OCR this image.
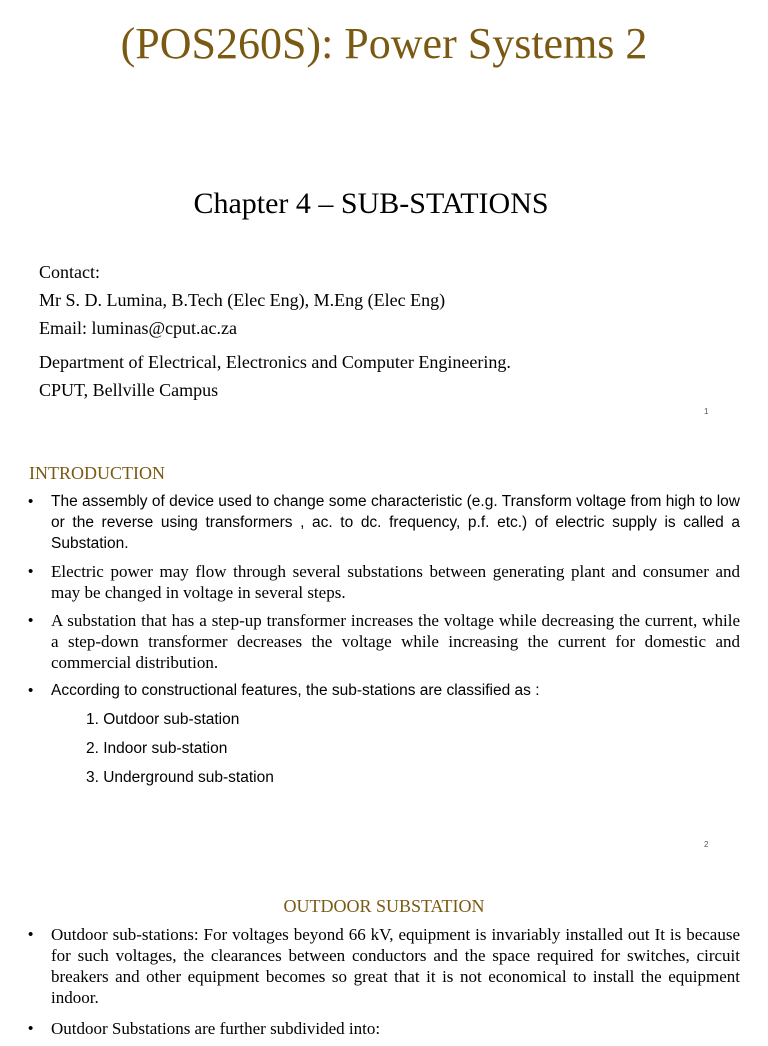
(POS260S): Power Systems 2
Chapter 4 – SUB-STATIONS
Contact:
Mr S. D. Lumina, B.Tech (Elec Eng), M.Eng (Elec Eng)
Email: luminas@cput.ac.za
Department of Electrical, Electronics and Computer Engineering.
CPUT, Bellville Campus
1
INTRODUCTION
• The assembly of device used to change some characteristic (e.g. Transform voltage from high to low or the reverse using transformers , ac. to dc. frequency, p.f. etc.) of electric supply is called a Substation.
• Electric power may flow through several substations between generating plant and consumer and may be changed in voltage in several steps.
• A substation that has a step-up transformer increases the voltage while decreasing the current, while a step-down transformer decreases the voltage while increasing the current for domestic and commercial distribution.
• According to constructional features, the sub-stations are classified as :
1. Outdoor sub-station
2. Indoor sub-station
3. Underground sub-station
2
OUTDOOR SUBSTATION
• Outdoor sub-stations: For voltages beyond 66 kV, equipment is invariably installed out It is because for such voltages, the clearances between conductors and the space required for switches, circuit breakers and other equipment becomes so great that it is not economical to install the equipment indoor.
• Outdoor Substations are further subdivided into:
